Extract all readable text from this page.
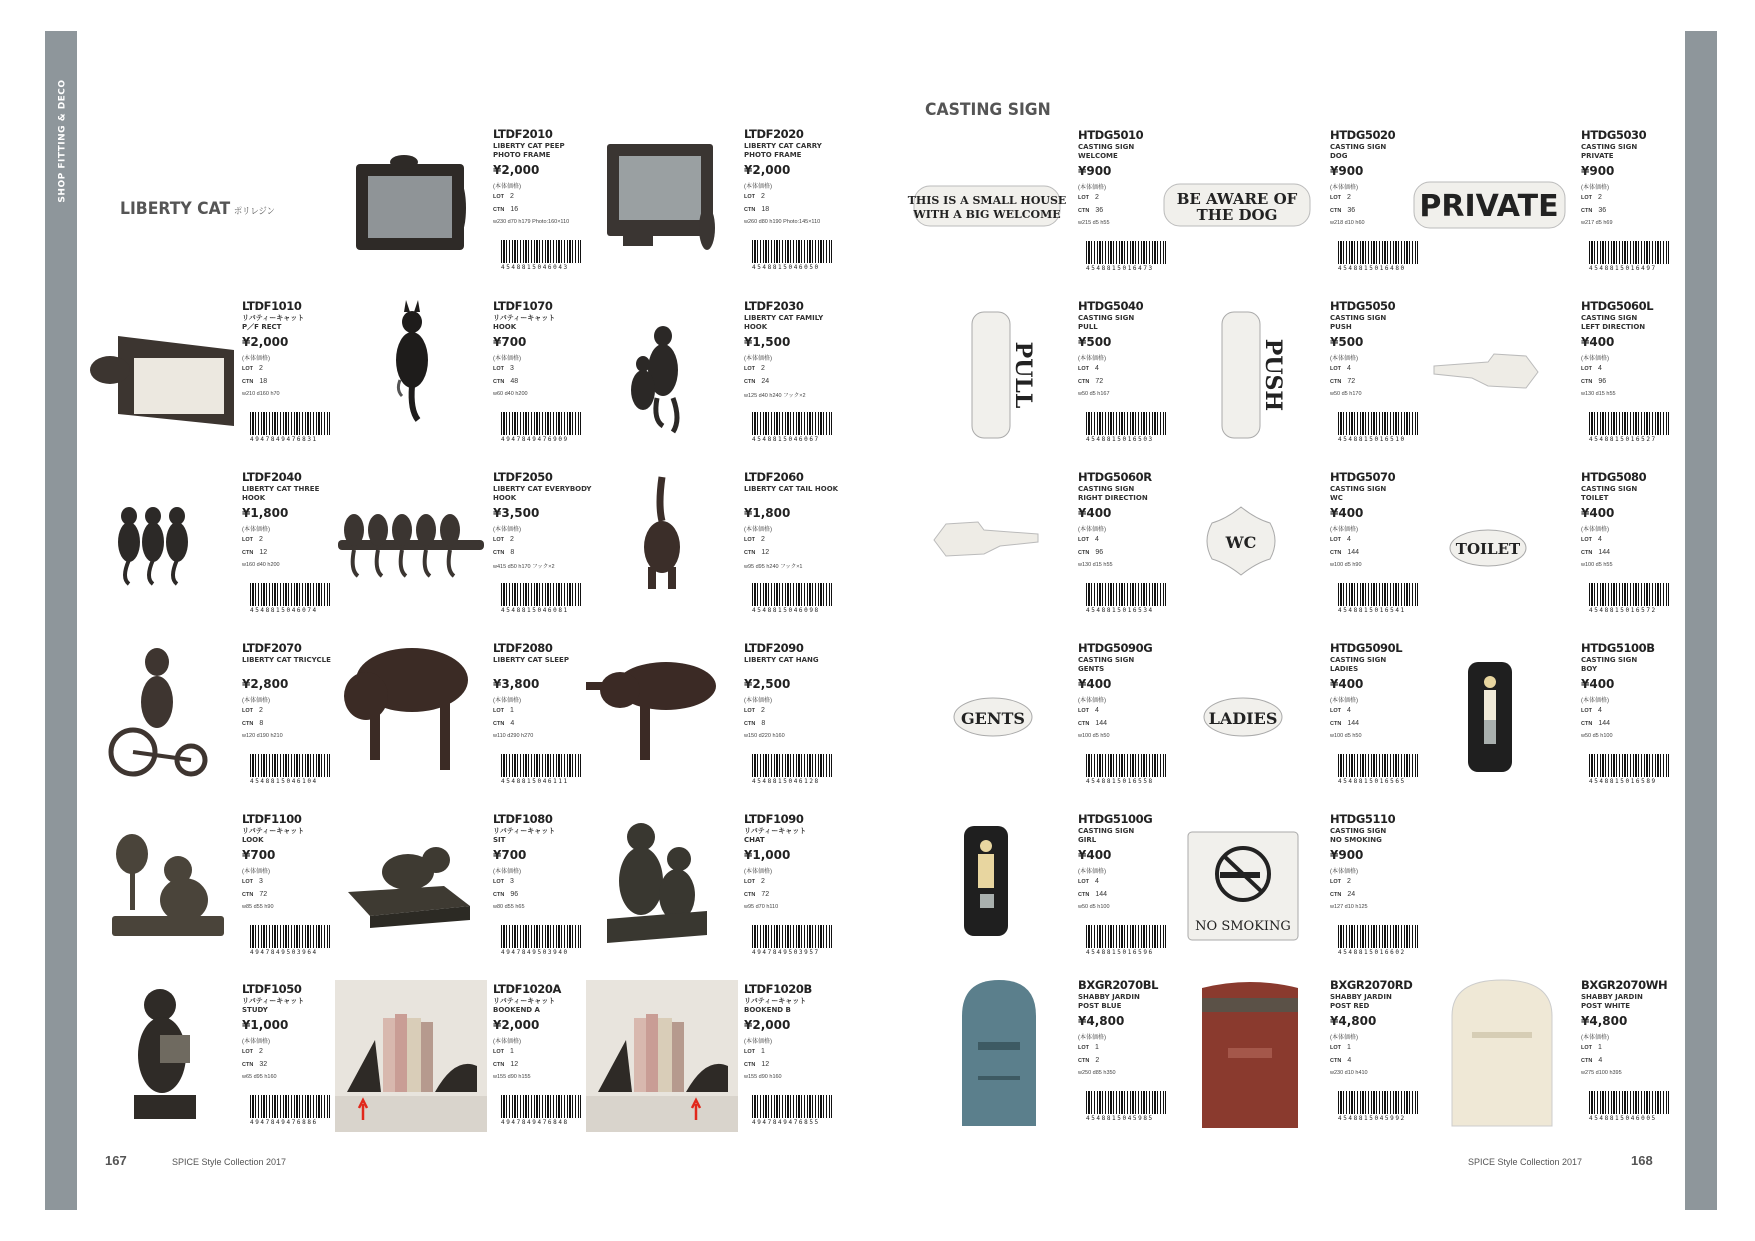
SHOP FITTING & DECO	SHOP FITTING & DECO
LIBERTY CAT ポリレジン
CASTING SIGN
THIS IS A SMALL HOUSE
WITH A BIG WELCOME
BE AWARE OF
THE DOG	PRIVATE
PULL	PUSH
WC	TOILET
GENTS	LADIES
NO SMOKING
LTDF2010
LIBERTY CAT PEEP
PHOTO FRAME
¥2,000
(本体価格)
LOT 2
CTN 16
w230 d70 h179 Photo:160×110
4548815046043
LTDF2020
LIBERTY CAT CARRY
PHOTO FRAME
¥2,000
(本体価格)
LOT 2
CTN 18
w260 d80 h190 Photo:145×110
4548815046050
LTDF1010
リバティーキャット
P／F RECT
¥2,000
(本体価格)
LOT 2
CTN 18
w210 d160 h70
4947849476831
LTDF1070
リバティーキャット
HOOK
¥700
(本体価格)
LOT 3
CTN 48
w60 d40 h200
4947849476909
LTDF2030
LIBERTY CAT FAMILY
HOOK
¥1,500
(本体価格)
LOT 2
CTN 24
w125 d40 h240 フック×2
4548815046067
LTDF2040
LIBERTY CAT THREE
HOOK
¥1,800
(本体価格)
LOT 2
CTN 12
w160 d40 h200
4548815046074
LTDF2050
LIBERTY CAT EVERYBODY
HOOK
¥3,500
(本体価格)
LOT 2
CTN 8
w415 d50 h170 フック×2
4548815046081
LTDF2060
LIBERTY CAT TAIL HOOK
¥1,800
(本体価格)
LOT 2
CTN 12
w95 d95 h240 フック×1
4548815046098
LTDF2070
LIBERTY CAT TRICYCLE
¥2,800
(本体価格)
LOT 2
CTN 8
w120 d190 h210
4548815046104
LTDF2080
LIBERTY CAT SLEEP
¥3,800
(本体価格)
LOT 1
CTN 4
w110 d290 h270
4548815046111
LTDF2090
LIBERTY CAT HANG
¥2,500
(本体価格)
LOT 2
CTN 8
w150 d220 h160
4548815046128
LTDF1100
リバティーキャット
LOOK
¥700
(本体価格)
LOT 3
CTN 72
w85 d55 h90
4947849503964
LTDF1080
リバティーキャット
SIT
¥700
(本体価格)
LOT 3
CTN 96
w80 d55 h65
4947849503940
LTDF1090
リバティーキャット
CHAT
¥1,000
(本体価格)
LOT 2
CTN 72
w95 d70 h110
4947849503957
LTDF1050
リバティーキャット
STUDY
¥1,000
(本体価格)
LOT 2
CTN 32
w65 d95 h160
4947849476886
LTDF1020A
リバティーキャット
BOOKEND A
¥2,000
(本体価格)
LOT 1
CTN 12
w155 d90 h155
4947849476848
LTDF1020B
リバティーキャット
BOOKEND B
¥2,000
(本体価格)
LOT 1
CTN 12
w155 d90 h160
4947849476855
HTDG5010
CASTING SIGN
WELCOME
¥900
(本体価格)
LOT 2
CTN 36
w215 d5 h55
4548815016473
HTDG5020
CASTING SIGN
DOG
¥900
(本体価格)
LOT 2
CTN 36
w218 d10 h60
4548815016480
HTDG5030
CASTING SIGN
PRIVATE
¥900
(本体価格)
LOT 2
CTN 36
w217 d5 h69
4548815016497
HTDG5040
CASTING SIGN
PULL
¥500
(本体価格)
LOT 4
CTN 72
w50 d5 h167
4548815016503
HTDG5050
CASTING SIGN
PUSH
¥500
(本体価格)
LOT 4
CTN 72
w50 d5 h170
4548815016510
HTDG5060L
CASTING SIGN
LEFT DIRECTION
¥400
(本体価格)
LOT 4
CTN 96
w130 d15 h55
4548815016527
HTDG5060R
CASTING SIGN
RIGHT DIRECTION
¥400
(本体価格)
LOT 4
CTN 96
w130 d15 h55
4548815016534
HTDG5070
CASTING SIGN
WC
¥400
(本体価格)
LOT 4
CTN 144
w100 d5 h90
4548815016541
HTDG5080
CASTING SIGN
TOILET
¥400
(本体価格)
LOT 4
CTN 144
w100 d5 h55
4548815016572
HTDG5090G
CASTING SIGN
GENTS
¥400
(本体価格)
LOT 4
CTN 144
w100 d5 h50
4548815016558
HTDG5090L
CASTING SIGN
LADIES
¥400
(本体価格)
LOT 4
CTN 144
w100 d5 h50
4548815016565
HTDG5100B
CASTING SIGN
BOY
¥400
(本体価格)
LOT 4
CTN 144
w50 d5 h100
4548815016589
HTDG5100G
CASTING SIGN
GIRL
¥400
(本体価格)
LOT 4
CTN 144
w50 d5 h100
4548815016596
HTDG5110
CASTING SIGN
NO SMOKING
¥900
(本体価格)
LOT 2
CTN 24
w127 d10 h125
4548815016602
BXGR2070BL
SHABBY JARDIN
POST BLUE
¥4,800
(本体価格)
LOT 1
CTN 2
w250 d85 h350
4548815045985
BXGR2070RD
SHABBY JARDIN
POST RED
¥4,800
(本体価格)
LOT 1
CTN 4
w230 d10 h410
4548815045992
BXGR2070WH
SHABBY JARDIN
POST WHITE
¥4,800
(本体価格)
LOT 1
CTN 4
w275 d100 h395
4548815046005
167	SPICE Style Collection 2017	SPICE Style Collection 2017	168
